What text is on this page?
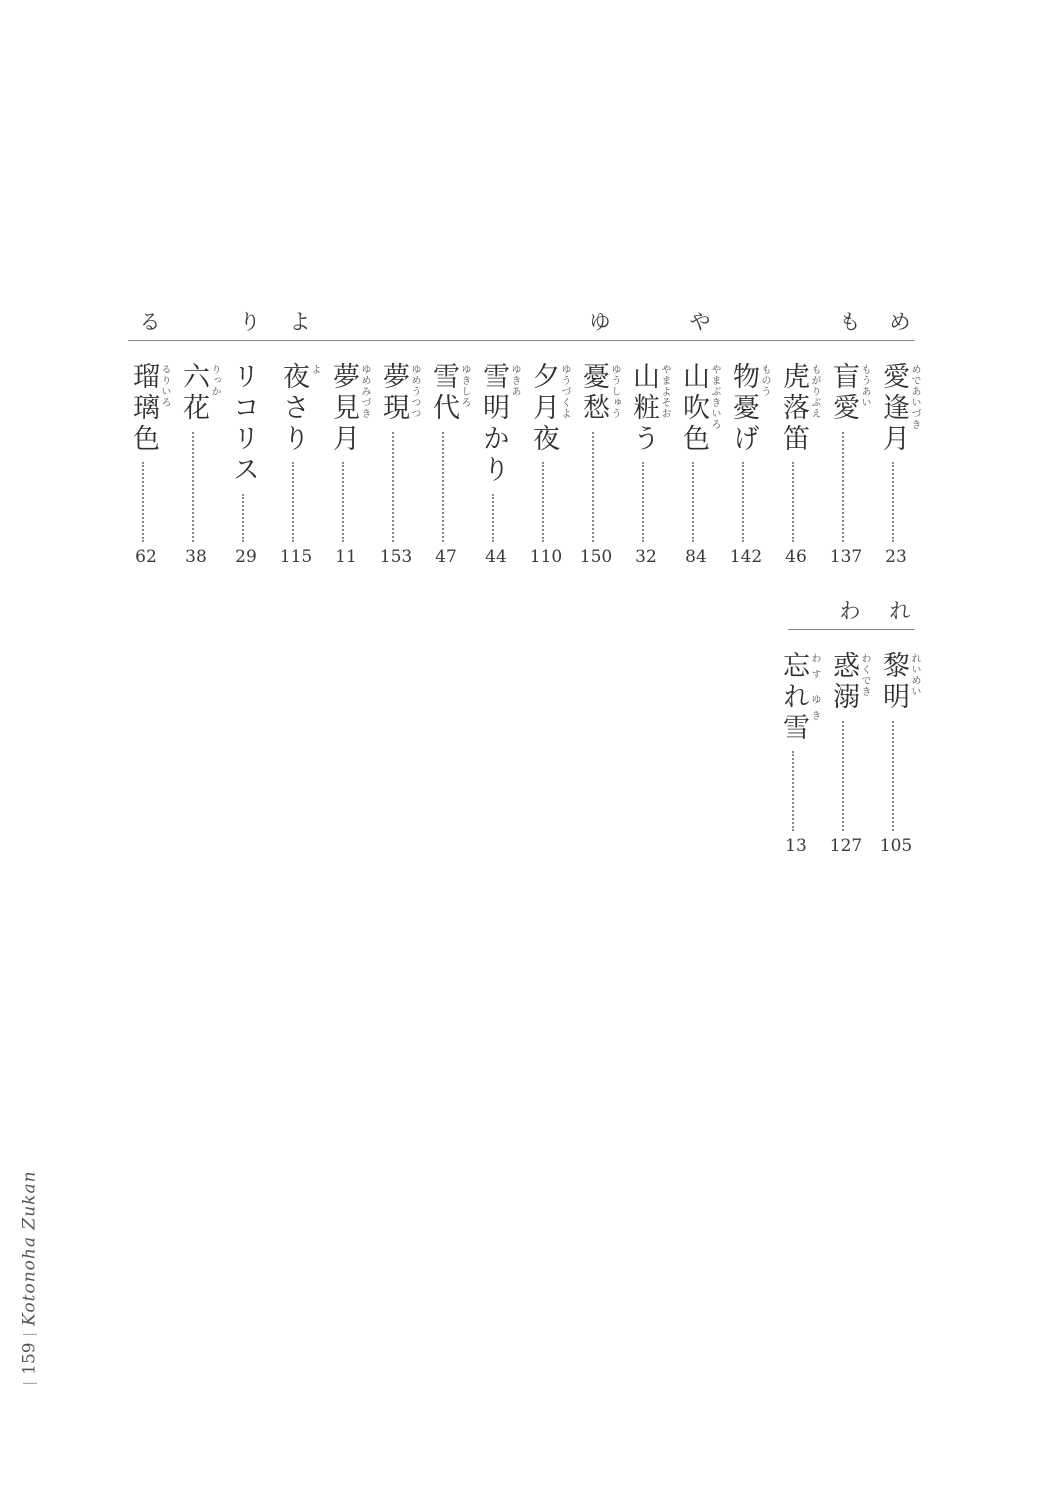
る	り よ	ゆ	や	も め
愛逢月 めであいづき
23
盲愛 もうあい
137
虎落笛 もがりぶえ
46
物憂げ ものう
142
山吹色 やまぶきいろ
84
山粧う やまよそお
32
憂愁 ゆうしゅう
150
夕月夜 ゆうづくよ
110
雪明かり ゆきあ
44
雪代 ゆきしろ
47
夢現 ゆめうつつ
153
夢見月 ゆめみづき
11
夜さり よ
115
リコリス
29
六花 りっか
38
瑠璃色 るりいろ
62
わ れ
黎明 れいめい
105
惑溺 わくでき
127
忘れ雪 わす ゆき
13
159
Kotonoha Zukan
